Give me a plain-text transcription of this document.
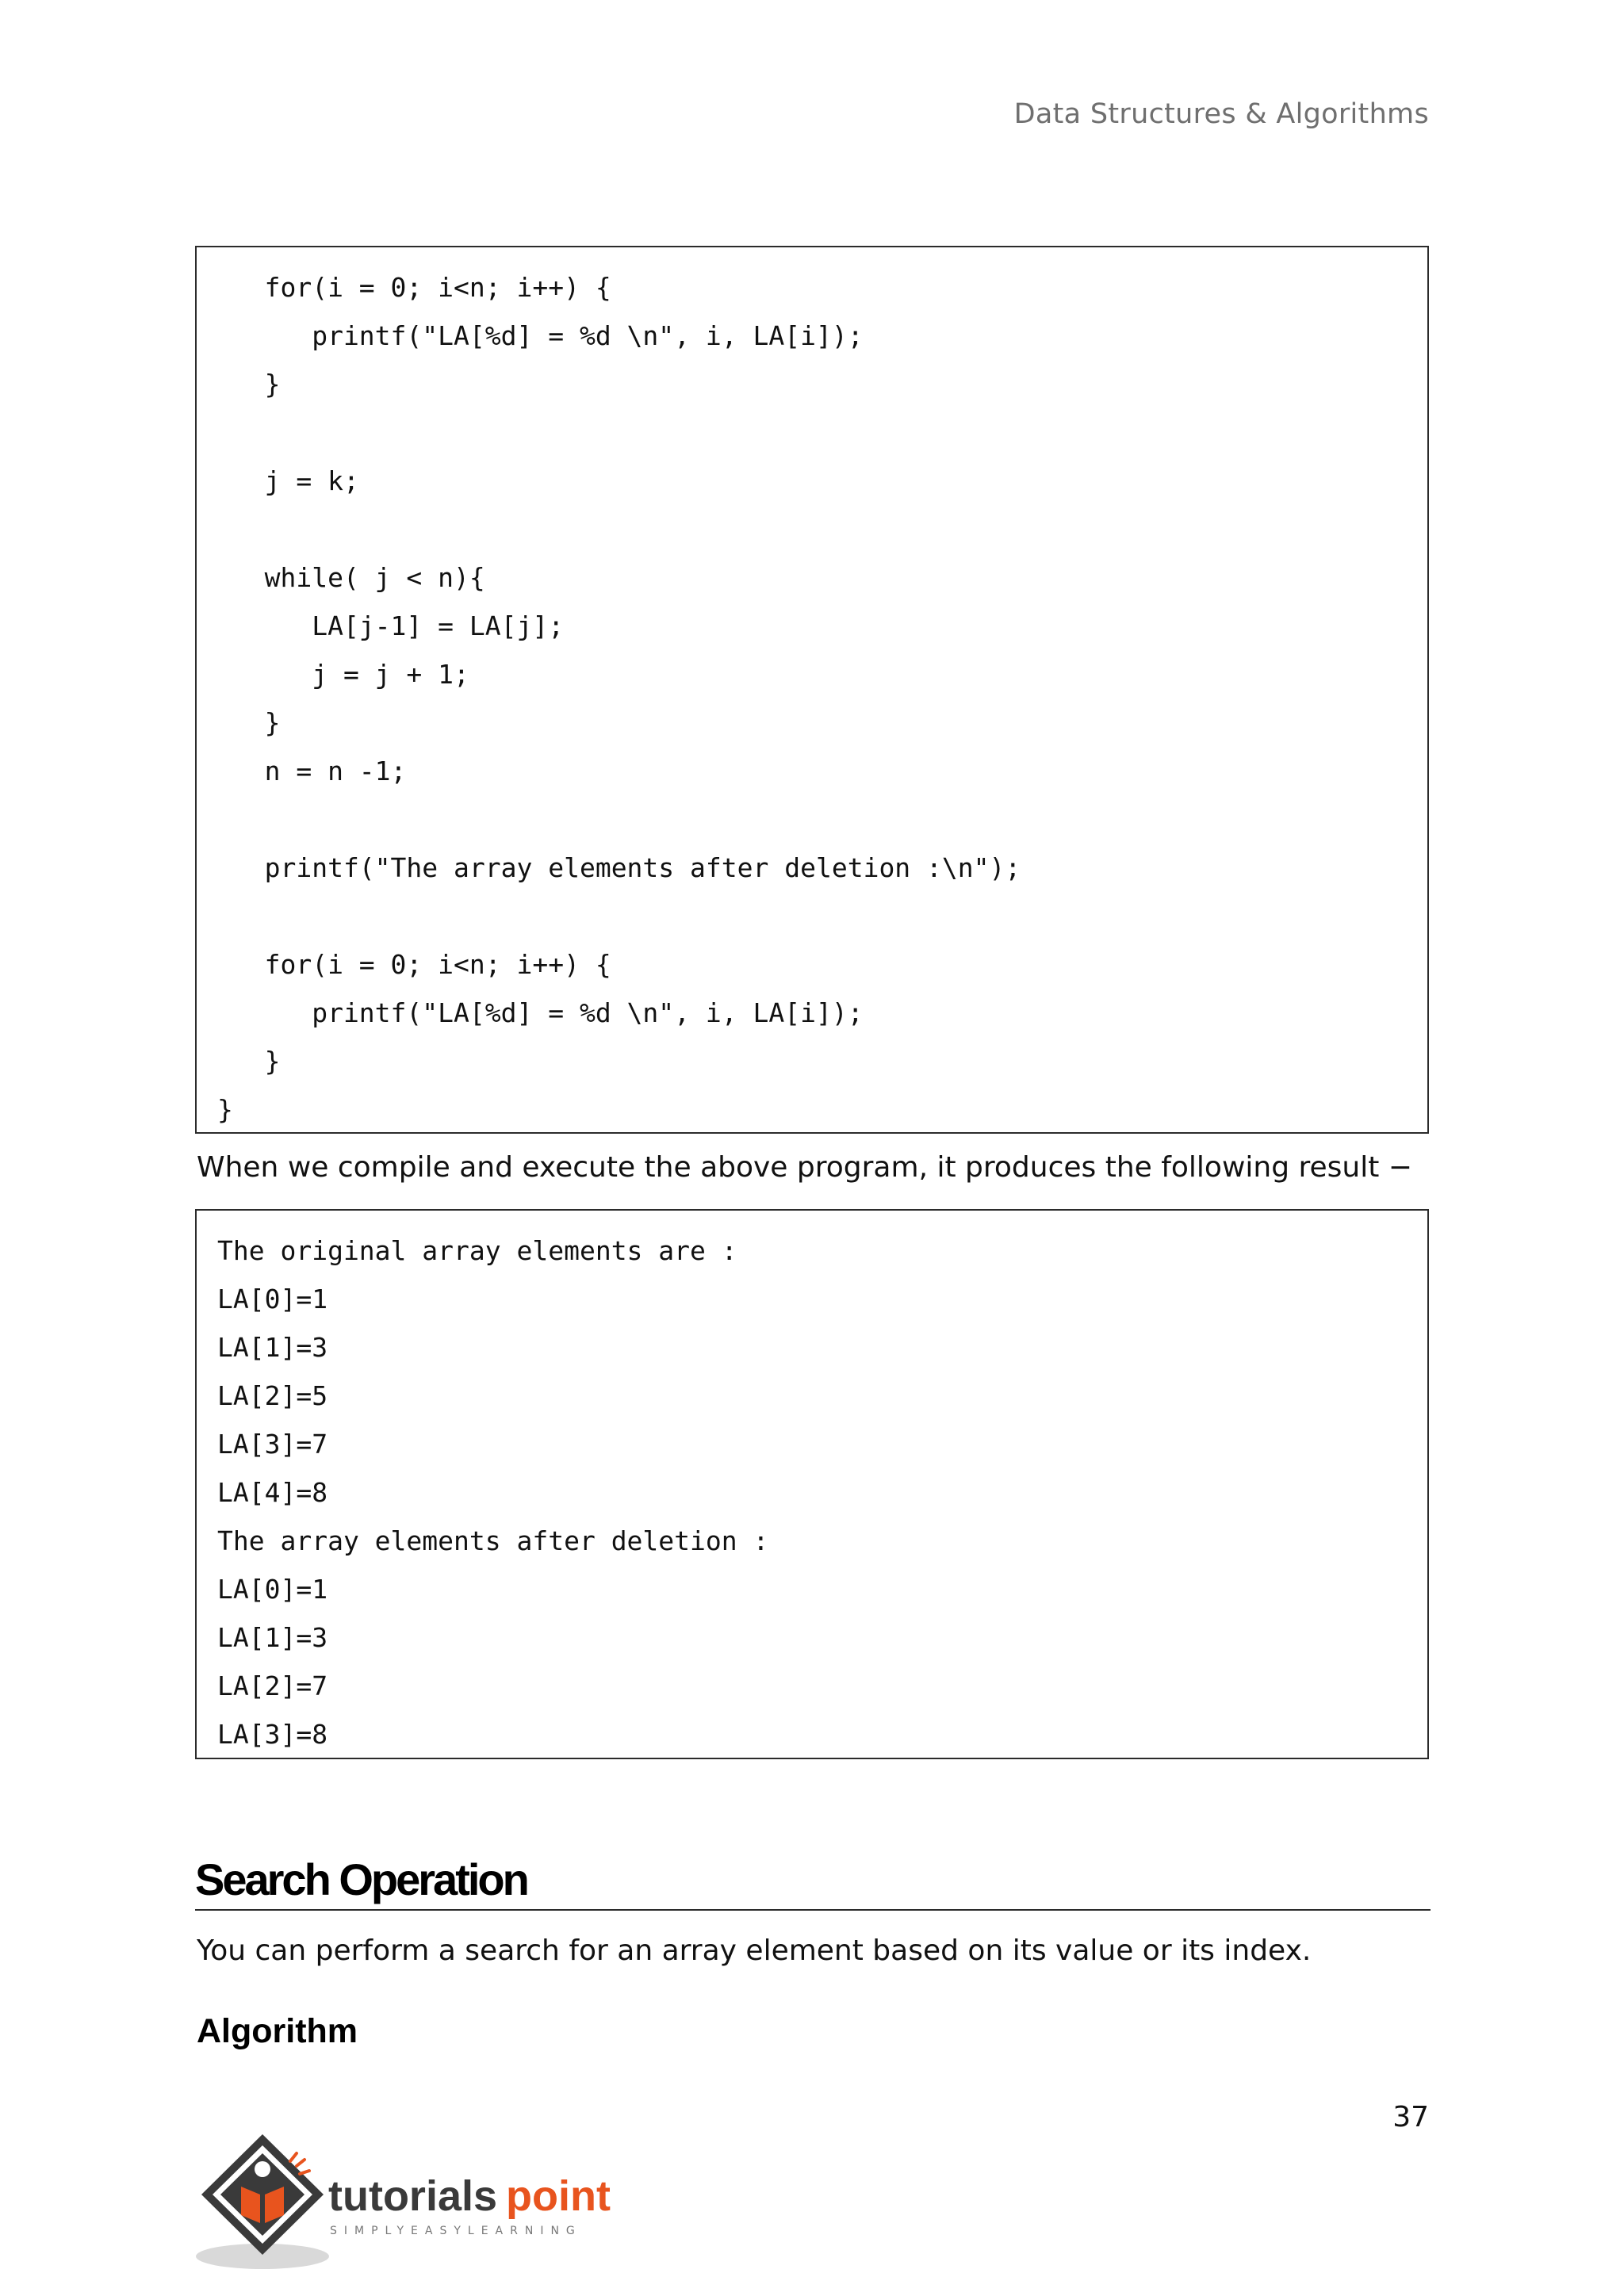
Data Structures & Algorithms
for(i = 0; i<n; i++) {
printf("LA[%d] = %d \n", i, LA[i]);
}
j = k;
while( j < n){
LA[j-1] = LA[j];
j = j + 1;
}
n = n -1;
printf("The array elements after deletion :\n");
for(i = 0; i<n; i++) {
printf("LA[%d] = %d \n", i, LA[i]);
}
}
When we compile and execute the above program, it produces the following result −
The original array elements are :
LA[0]=1
LA[1]=3
LA[2]=5
LA[3]=7
LA[4]=8
The array elements after deletion :
LA[0]=1
LA[1]=3
LA[2]=7
LA[3]=8
Search Operation
You can perform a search for an array element based on its value or its index.
Algorithm
37
tutorials point
SIMPLYEASYLEARNING
